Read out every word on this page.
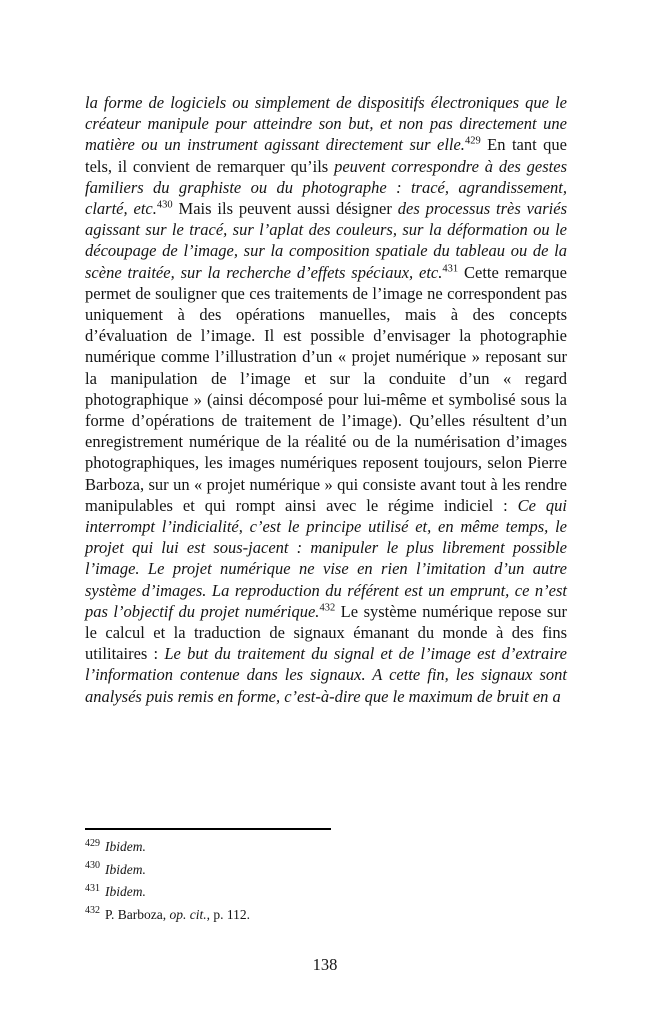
la forme de logiciels ou simplement de dispositifs électroniques que le créateur manipule pour atteindre son but, et non pas directement une matière ou un instrument agissant directement sur elle.$^{429}$ En tant que tels, il convient de remarquer qu’ils peuvent correspondre à des gestes familiers du graphiste ou du photographe : tracé, agrandissement, clarté, etc.$^{430}$ Mais ils peuvent aussi désigner des processus très variés agissant sur le tracé, sur l’aplat des couleurs, sur la déformation ou le découpage de l’image, sur la composition spatiale du tableau ou de la scène traitée, sur la recherche d’effets spéciaux, etc.$^{431}$ Cette remarque permet de souligner que ces traitements de l’image ne correspondent pas uniquement à des opérations manuelles, mais à des concepts d’évaluation de l’image. Il est possible d’envisager la photographie numérique comme l’illustration d’un « projet numérique » reposant sur la manipulation de l’image et sur la conduite d’un « regard photographique » (ainsi décomposé pour lui-même et symbolisé sous la forme d’opérations de traitement de l’image). Qu’elles résultent d’un enregistrement numérique de la réalité ou de la numérisation d’images photographiques, les images numériques reposent toujours, selon Pierre Barboza, sur un « projet numérique » qui consiste avant tout à les rendre manipulables et qui rompt ainsi avec le régime indiciel : Ce qui interrompt l’indicialité, c’est le principe utilisé et, en même temps, le projet qui lui est sous-jacent : manipuler le plus librement possible l’image. Le projet numérique ne vise en rien l’imitation d’un autre système d’images. La reproduction du référent est un emprunt, ce n’est pas l’objectif du projet numérique.$^{432}$ Le système numérique repose sur le calcul et la traduction de signaux émanant du monde à des fins utilitaires : Le but du traitement du signal et de l’image est d’extraire l’information contenue dans les signaux. A cette fin, les signaux sont analysés puis remis en forme, c’est-à-dire que le maximum de bruit en a

$^{429}$ Ibidem.
$^{430}$ Ibidem.
$^{431}$ Ibidem.
$^{432}$ P. Barboza, op. cit., p. 112.
138
